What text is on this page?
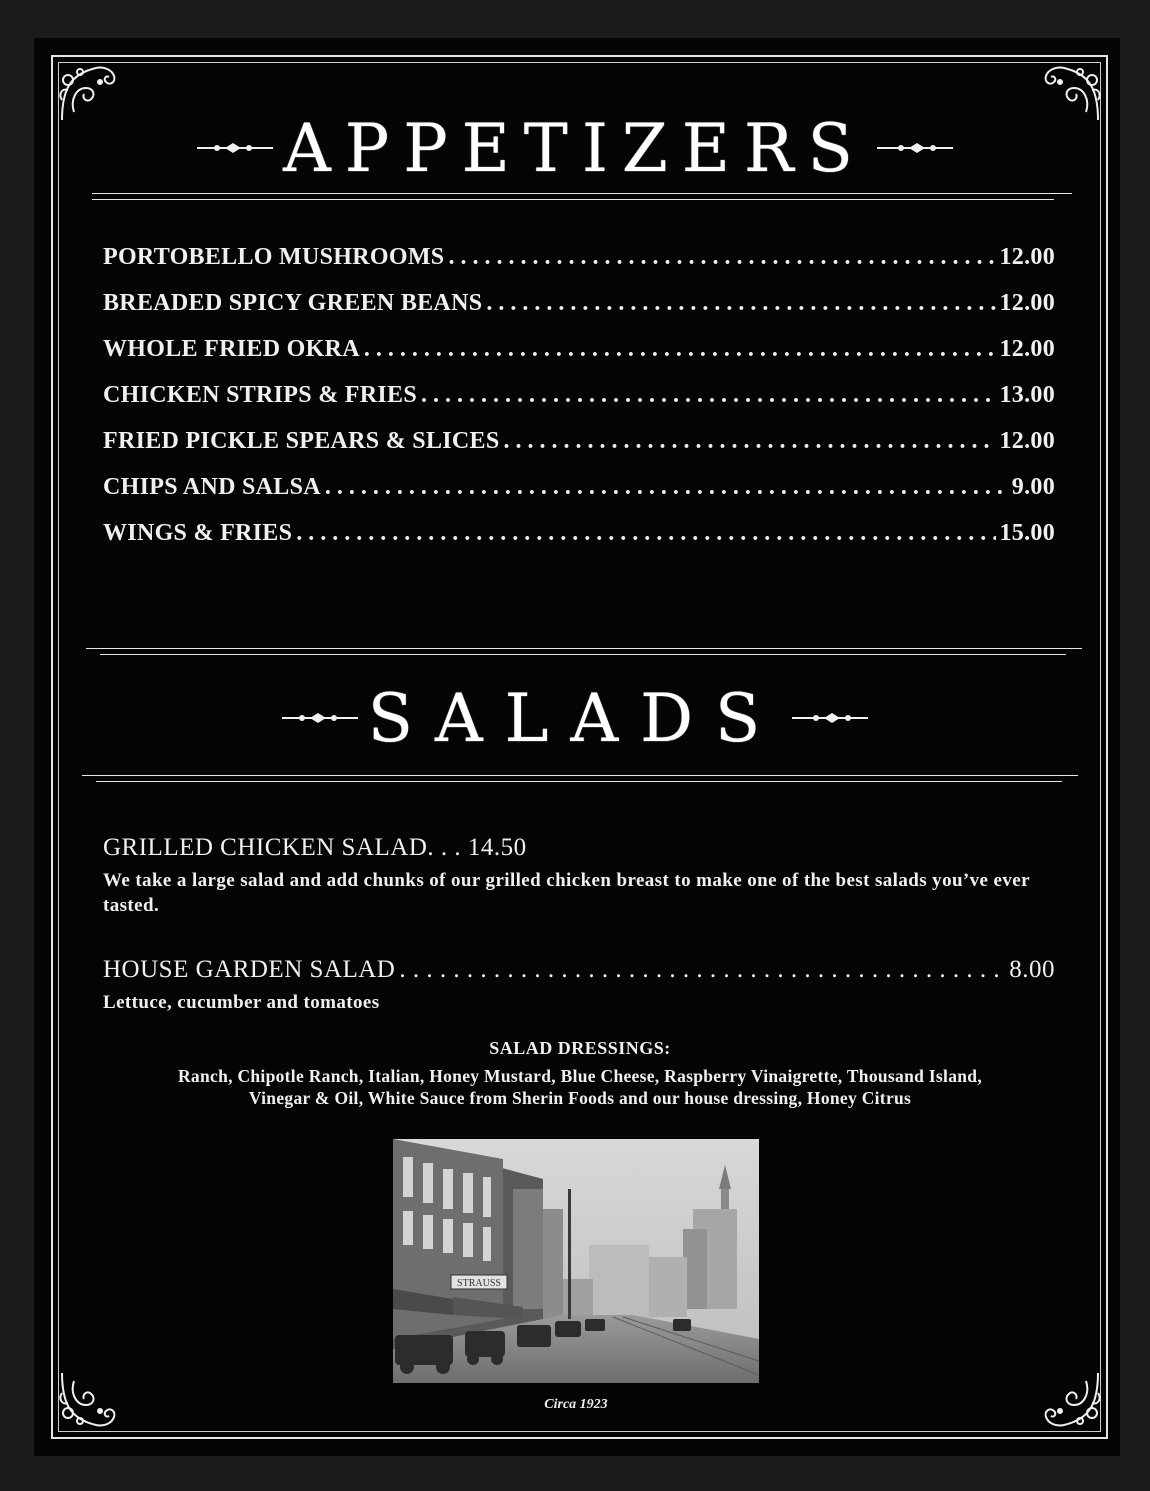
APPETIZERS
PORTOBELLO MUSHROOMS . . .	12.00
BREADED SPICY GREEN BEANS . . .	12.00
WHOLE FRIED OKRA . . .	12.00
CHICKEN STRIPS & FRIES . . .	13.00
FRIED PICKLE SPEARS & SLICES . . .	12.00
CHIPS AND SALSA . . .	9.00
WINGS & FRIES . . .	15.00
SALADS
GRILLED CHICKEN SALAD. . . 14.50
We take a large salad and add chunks of our grilled chicken breast to make one of the best salads you’ve ever tasted.
HOUSE GARDEN SALAD . . .	8.00
Lettuce, cucumber and tomatoes
SALAD DRESSINGS:
Ranch, Chipotle Ranch, Italian, Honey Mustard, Blue Cheese, Raspberry Vinaigrette, Thousand Island,
Vinegar & Oil, White Sauce from Sherin Foods and our house dressing, Honey Citrus
STRAUSS
Circa 1923
